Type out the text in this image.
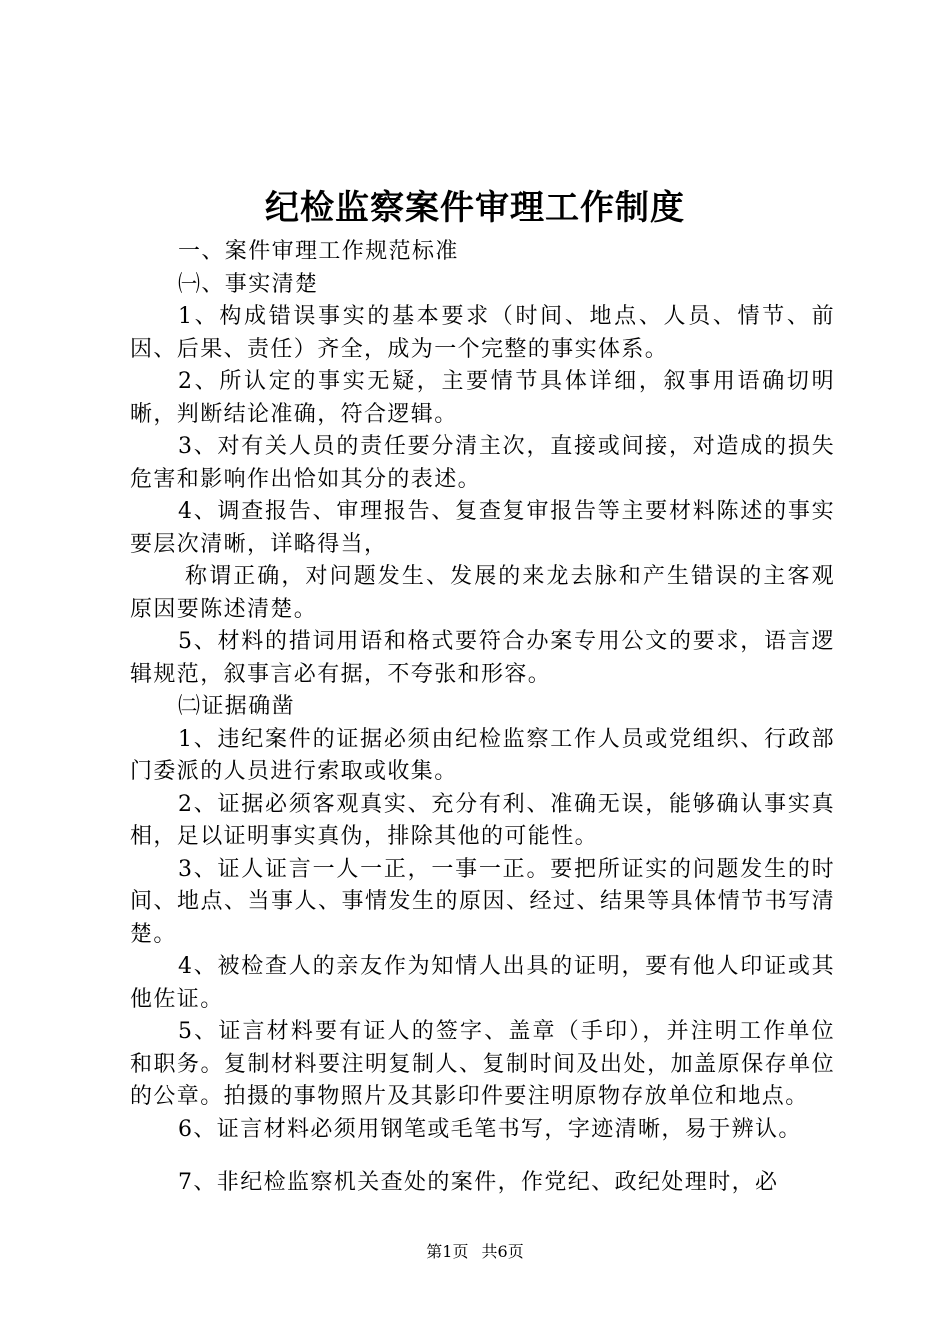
纪检监察案件审理工作制度

一、案件审理工作规范标准

㈠、事实清楚

1、构成错误事实的基本要求（时间、地点、人员、情节、前因、后果、责任）齐全，成为一个完整的事实体系。

2、所认定的事实无疑，主要情节具体详细，叙事用语确切明晰，判断结论准确，符合逻辑。

3、对有关人员的责任要分清主次，直接或间接，对造成的损失危害和影响作出恰如其分的表述。

4、调查报告、审理报告、复查复审报告等主要材料陈述的事实要层次清晰，详略得当，

称谓正确，对问题发生、发展的来龙去脉和产生错误的主客观原因要陈述清楚。

5、材料的措词用语和格式要符合办案专用公文的要求，语言逻辑规范，叙事言必有据，不夸张和形容。

㈡证据确凿

1、违纪案件的证据必须由纪检监察工作人员或党组织、行政部门委派的人员进行索取或收集。

2、证据必须客观真实、充分有利、准确无误，能够确认事实真相，足以证明事实真伪，排除其他的可能性。

3、证人证言一人一正，一事一正。要把所证实的问题发生的时间、地点、当事人、事情发生的原因、经过、结果等具体情节书写清楚。

4、被检查人的亲友作为知情人出具的证明，要有他人印证或其他佐证。

5、证言材料要有证人的签字、盖章（手印），并注明工作单位和职务。复制材料要注明复制人、复制时间及出处，加盖原保存单位的公章。拍摄的事物照片及其影印件要注明原物存放单位和地点。

6、证言材料必须用钢笔或毛笔书写，字迹清晰，易于辨认。

7、非纪检监察机关查处的案件，作党纪、政纪处理时，必

第1页 共6页
